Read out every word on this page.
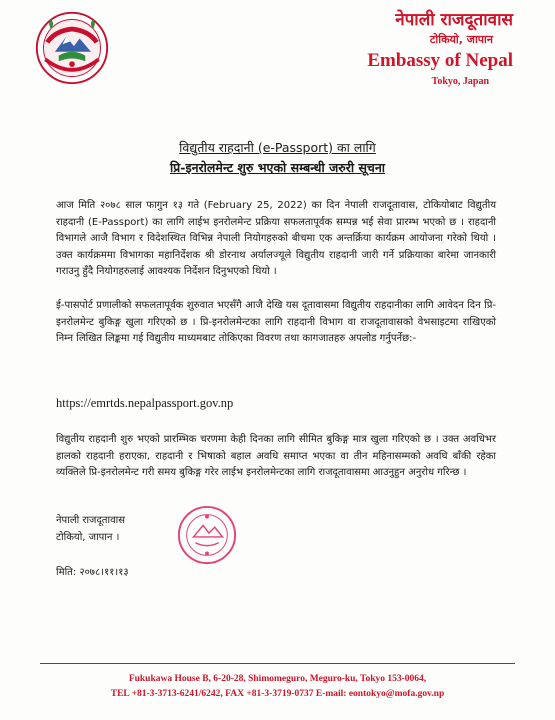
नेपाली राजदूतावास
टोकियो, जापान
Embassy of Nepal
Tokyo, Japan
विद्युतीय राहदानी (e-Passport) का लागि
प्रि-इनरोलमेन्ट शुरु भएको सम्बन्धी जरुरी सूचना
आज मिति २०७८ साल फागुन १३ गते (February 25, 2022) का दिन नेपाली राजदूतावास, टोकियोबाट विद्युतीय राहदानी (E-Passport) का लागि लाईभ इनरोलमेन्ट प्रक्रिया सफलतापूर्वक सम्पन्न भई सेवा प्रारम्भ भएको छ । राहदानी विभागले आजै विभाग र विदेशस्थित विभिन्न नेपाली नियोगहरुको बीचमा एक अन्तर्क्रिया कार्यक्रम आयोजना गरेको थियो । उक्त कार्यक्रममा विभागका महानिर्देशक श्री डोरनाथ अर्यालज्यूले विद्युतीय राहदानी जारी गर्ने प्रक्रियाका बारेमा जानकारी गराउनु हुँदै नियोगहरुलाई आवश्यक निर्देशन दिनुभएको थियो ।
ई-पासपोर्ट प्रणालीको सफलतापूर्वक शुरुवात भएसँगै आजै देखि यस दूतावासमा विद्युतीय राहदानीका लागि आवेदन दिन प्रि-इनरोलमेन्ट बुकिङ्ग खुला गरिएको छ । प्रि-इनरोलमेन्टका लागि राहदानी विभाग वा राजदूतावासको वेभसाइटमा राखिएको निम्न लिखित लिङ्कमा गई विद्युतीय माध्यमबाट तोकिएका विवरण तथा कागजातहरु अपलोड गर्नुपर्नेछ:-
https://emrtds.nepalpassport.gov.np
विद्युतीय राहदानी शुरु भएको प्रारम्भिक चरणमा केही दिनका लागि सीमित बुकिङ्ग मात्र खुला गरिएको छ । उक्त अवधिभर हालको राहदानी हराएका, राहदानी र भिषाको बहाल अवधि समाप्त भएका वा तीन महिनासम्मको अवधि बाँकी रहेका व्यक्तिले प्रि-इनरोलमेन्ट गरी समय बुकिङ्ग गरेर लाईभ इनरोलमेन्टका लागि राजदूतावासमा आउनुहुन अनुरोध गरिन्छ ।
नेपाली राजदूतावास
टोकियो, जापान ।
मिति: २०७८।११।१३
Fukukawa House B, 6-20-28, Shimomeguro, Meguro-ku, Tokyo 153-0064,
TEL +81-3-3713-6241/6242, FAX +81-3-3719-0737 E-mail: eontokyo@mofa.gov.np
